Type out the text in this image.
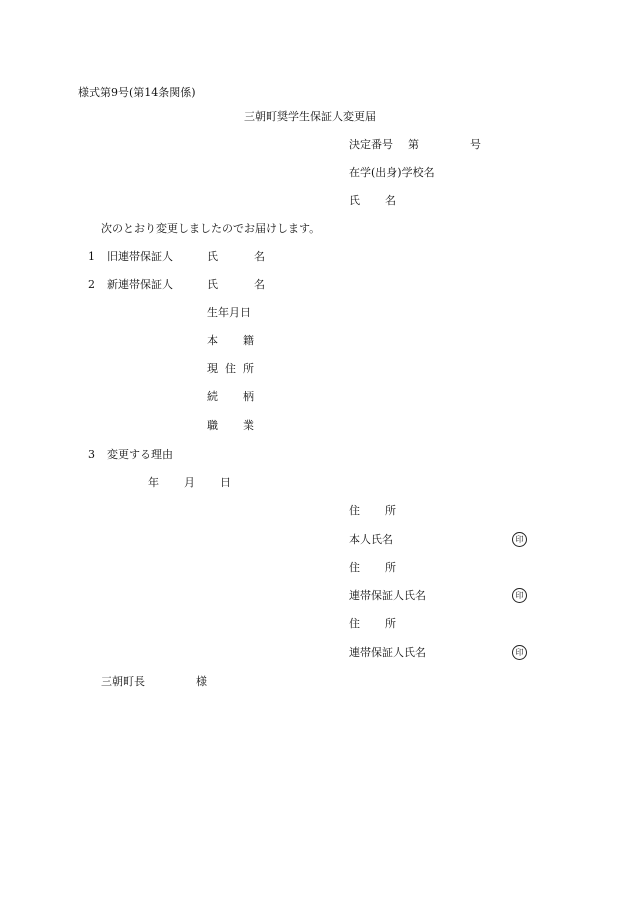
様式第9号(第14条関係)
三朝町奨学生保証人変更届
決定番号 第	号
在学(出身)学校名
氏 名
次のとおり変更しましたのでお届けします。
1 旧連帯保証人	氏	名
2 新連帯保証人	氏	名
生年月日
本 籍
現 住 所
続 柄
職 業
3 変更する理由
年 月 日
住 所
本人氏名	印
住 所
連帯保証人氏名	印
住 所
連帯保証人氏名	印
三朝町長	様
